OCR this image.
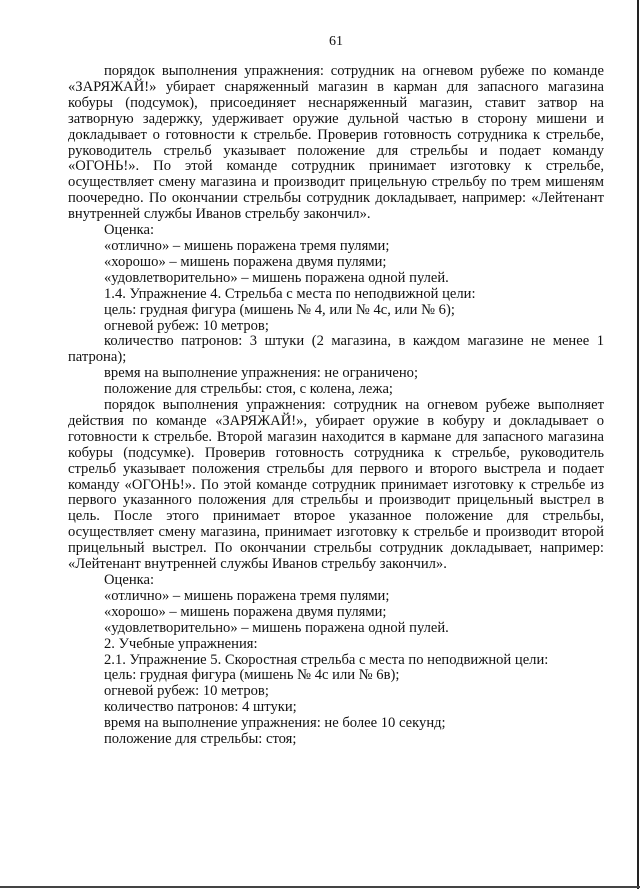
61

порядок выполнения упражнения: сотрудник на огневом рубеже по команде «ЗАРЯЖАЙ!» убирает снаряженный магазин в карман для запасного магазина кобуры (подсумок), присоединяет неснаряженный магазин, ставит затвор на затворную задержку, удерживает оружие дульной частью в сторону мишени и докладывает о готовности к стрельбе. Проверив готовность сотрудника к стрельбе, руководитель стрельб указывает положение для стрельбы и подает команду «ОГОНЬ!». По этой команде сотрудник принимает изготовку к стрельбе, осуществляет смену магазина и производит прицельную стрельбу по трем мишеням поочередно. По окончании стрельбы сотрудник докладывает, например: «Лейтенант внутренней службы Иванов стрельбу закончил».

Оценка:

«отлично» – мишень поражена тремя пулями;

«хорошо» – мишень поражена двумя пулями;

«удовлетворительно» – мишень поражена одной пулей.

1.4. Упражнение 4. Стрельба с места по неподвижной цели:

цель: грудная фигура (мишень № 4, или № 4с, или № 6);

огневой рубеж: 10 метров;

количество патронов: 3 штуки (2 магазина, в каждом магазине не менее 1 патрона);

время на выполнение упражнения: не ограничено;

положение для стрельбы: стоя, с колена, лежа;

порядок выполнения упражнения: сотрудник на огневом рубеже выполняет действия по команде «ЗАРЯЖАЙ!», убирает оружие в кобуру и докладывает о готовности к стрельбе. Второй магазин находится в кармане для запасного магазина кобуры (подсумке). Проверив готовность сотрудника к стрельбе, руководитель стрельб указывает положения стрельбы для первого и второго выстрела и подает команду «ОГОНЬ!». По этой команде сотрудник принимает изготовку к стрельбе из первого указанного положения для стрельбы и производит прицельный выстрел в цель. После этого принимает второе указанное положение для стрельбы, осуществляет смену магазина, принимает изготовку к стрельбе и производит второй прицельный выстрел. По окончании стрельбы сотрудник докладывает, например: «Лейтенант внутренней службы Иванов стрельбу закончил».

Оценка:

«отлично» – мишень поражена тремя пулями;

«хорошо» – мишень поражена двумя пулями;

«удовлетворительно» – мишень поражена одной пулей.

2. Учебные упражнения:

2.1. Упражнение 5. Скоростная стрельба с места по неподвижной цели:

цель: грудная фигура (мишень № 4с или № 6в);

огневой рубеж: 10 метров;

количество патронов: 4 штуки;

время на выполнение упражнения: не более 10 секунд;

положение для стрельбы: стоя;
